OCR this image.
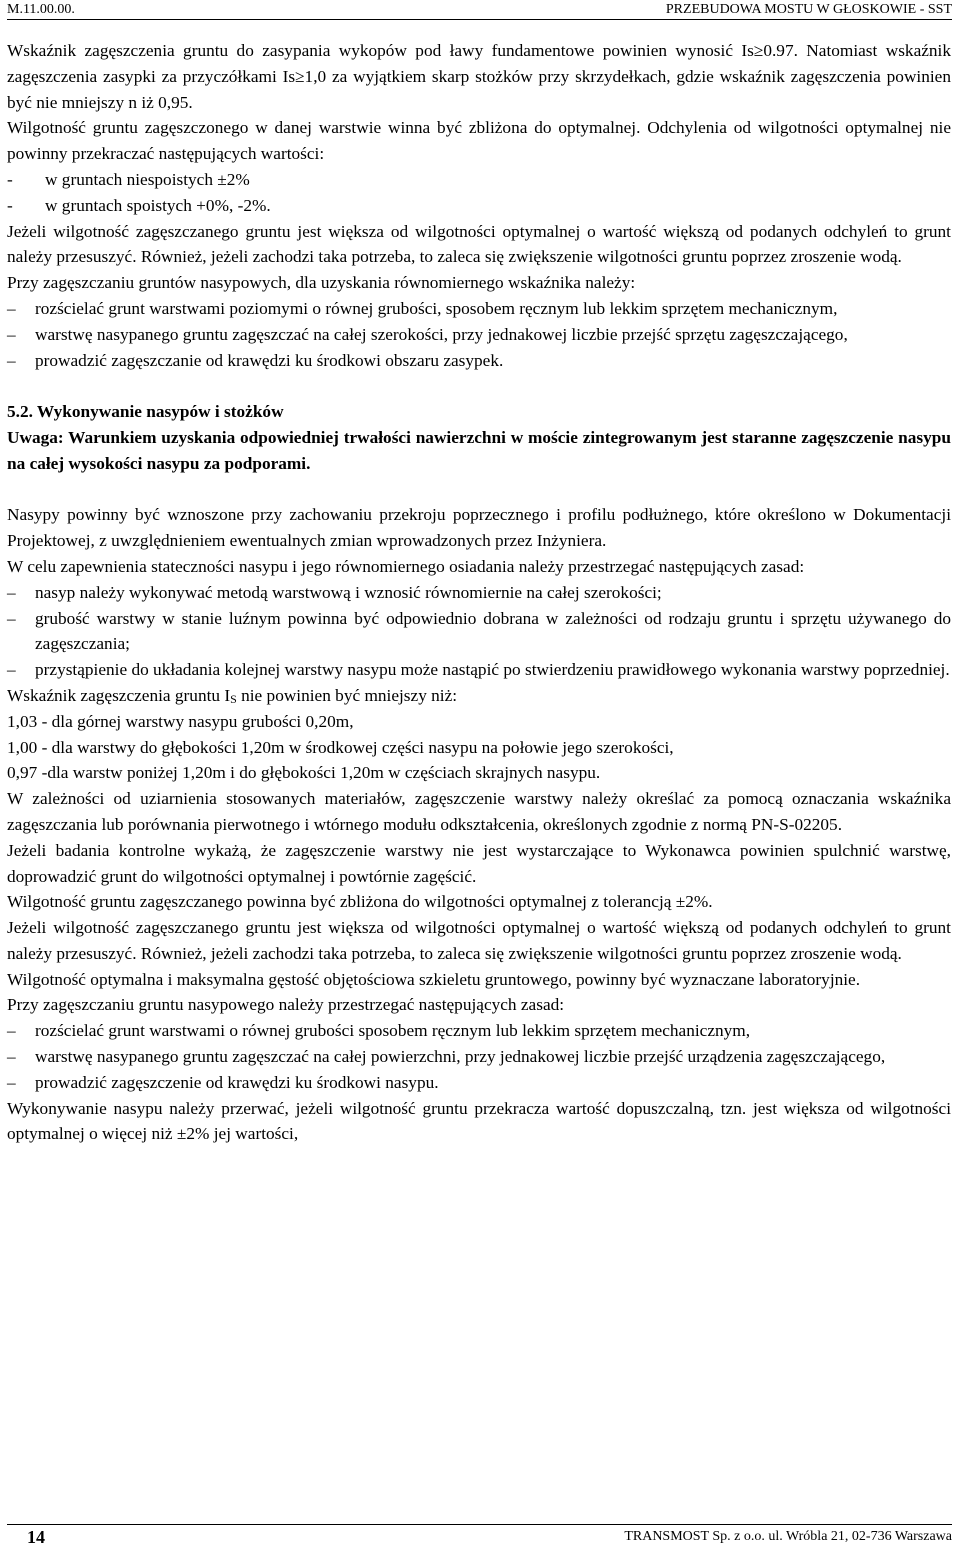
M.11.00.00.	PRZEBUDOWA MOSTU W GŁOSKOWIE - SST

Wskaźnik zagęszczenia gruntu do zasypania wykopów pod ławy fundamentowe powinien wynosić Is≥0.97. Natomiast wskaźnik zagęszczenia zasypki za przyczółkami Is≥1,0 za wyjątkiem skarp stożków przy skrzydełkach, gdzie wskaźnik zagęszczenia powinien być nie mniejszy n iż 0,95.

Wilgotność gruntu zagęszczonego w danej warstwie winna być zbliżona do optymalnej. Odchylenia od wilgotności optymalnej nie powinny przekraczać następujących wartości:

- w gruntach niespoistych ±2%
- w gruntach spoistych +0%, -2%.

Jeżeli wilgotność zagęszczanego gruntu jest większa od wilgotności optymalnej o wartość większą od podanych odchyleń to grunt należy przesuszyć. Również, jeżeli zachodzi taka potrzeba, to zaleca się zwiększenie wilgotności gruntu poprzez zroszenie wodą.

Przy zagęszczaniu gruntów nasypowych, dla uzyskania równomiernego wskaźnika należy:

– rozścielać grunt warstwami poziomymi o równej grubości, sposobem ręcznym lub lekkim sprzętem mechanicznym,
– warstwę nasypanego gruntu zagęszczać na całej szerokości, przy jednakowej liczbie przejść sprzętu zagęszczającego,
– prowadzić zagęszczanie od krawędzi ku środkowi obszaru zasypek.

5.2. Wykonywanie nasypów i stożków

Uwaga: Warunkiem uzyskania odpowiedniej trwałości nawierzchni w moście zintegrowanym jest staranne zagęszczenie nasypu na całej wysokości nasypu za podporami.

Nasypy powinny być wznoszone przy zachowaniu przekroju poprzecznego i profilu podłużnego, które określono w Dokumentacji Projektowej, z uwzględnieniem ewentualnych zmian wprowadzonych przez Inżyniera.

W celu zapewnienia stateczności nasypu i jego równomiernego osiadania należy przestrzegać następujących zasad:

– nasyp należy wykonywać metodą warstwową i wznosić równomiernie na całej szerokości;
– grubość warstwy w stanie luźnym powinna być odpowiednio dobrana w zależności od rodzaju gruntu i sprzętu używanego do zagęszczania;
– przystąpienie do układania kolejnej warstwy nasypu może nastąpić po stwierdzeniu prawidłowego wykonania warstwy poprzedniej.

Wskaźnik zagęszczenia gruntu $I_S$ nie powinien być mniejszy niż:

1,03 - dla górnej warstwy nasypu grubości 0,20m,

1,00 - dla warstwy do głębokości 1,20m w środkowej części nasypu na połowie jego szerokości,

0,97 -dla warstw poniżej 1,20m i do głębokości 1,20m w częściach skrajnych nasypu.

W zależności od uziarnienia stosowanych materiałów, zagęszczenie warstwy należy określać za pomocą oznaczania wskaźnika zagęszczania lub porównania pierwotnego i wtórnego modułu odkształcenia, określonych zgodnie z normą PN-S-02205.

Jeżeli badania kontrolne wykażą, że zagęszczenie warstwy nie jest wystarczające to Wykonawca powinien spulchnić warstwę, doprowadzić grunt do wilgotności optymalnej i powtórnie zagęścić.

Wilgotność gruntu zagęszczanego powinna być zbliżona do wilgotności optymalnej z tolerancją ±2%.

Jeżeli wilgotność zagęszczanego gruntu jest większa od wilgotności optymalnej o wartość większą od podanych odchyleń to grunt należy przesuszyć. Również, jeżeli zachodzi taka potrzeba, to zaleca się zwiększenie wilgotności gruntu poprzez zroszenie wodą.

Wilgotność optymalna i maksymalna gęstość objętościowa szkieletu gruntowego, powinny być wyznaczane laboratoryjnie.

Przy zagęszczaniu gruntu nasypowego należy przestrzegać następujących zasad:

– rozścielać grunt warstwami o równej grubości sposobem ręcznym lub lekkim sprzętem mechanicznym,
– warstwę nasypanego gruntu zagęszczać na całej powierzchni, przy jednakowej liczbie przejść urządzenia zagęszczającego,
– prowadzić zagęszczenie od krawędzi ku środkowi nasypu.

Wykonywanie nasypu należy przerwać, jeżeli wilgotność gruntu przekracza wartość dopuszczalną, tzn. jest większa od wilgotności optymalnej o więcej niż ±2% jej wartości,

14	TRANSMOST Sp. z o.o. ul. Wróbla 21, 02-736 Warszawa
